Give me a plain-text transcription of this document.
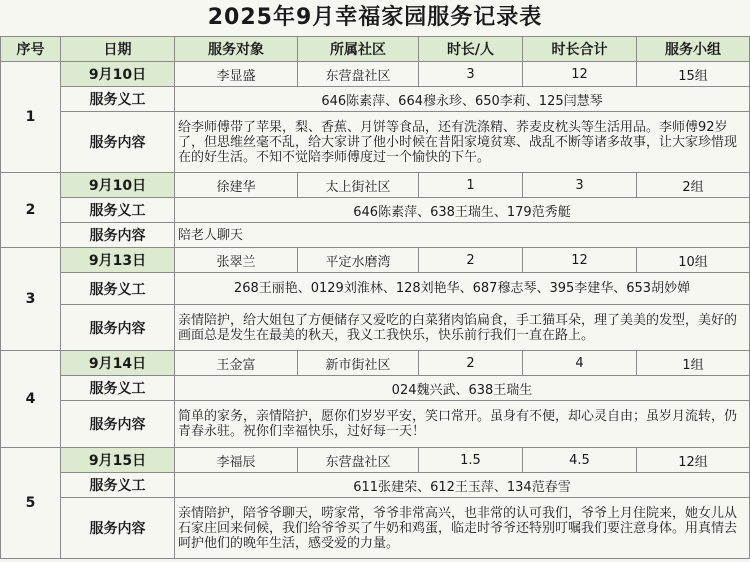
2025年9月幸福家园服务记录表
序号	日期	服务对象	所属社区	时长/人	时长合计	服务小组
1	9月10日	李显盛	东营盘社区	3	12	15组
	服务义工	646陈素萍、664穆永珍、650李莉、125闫慧琴				
	服务内容	给李师傅带了苹果，梨、香蕉、月饼等食品，还有洗涤精、荞麦皮枕头等生活用品。李师傅92岁了，但思维丝毫不乱，给大家讲了他小时候在昔阳家境贫寒、战乱不断等诸多故事，让大家珍惜现在的好生活。不知不觉陪李师傅度过一个愉快的下午。				
2	9月10日	徐建华	太上街社区	1	3	2组
	服务义工	646陈素萍、638王瑞生、179范秀艇				
	服务内容	陪老人聊天				
3	9月13日	张翠兰	平定水磨湾	2	12	10组
	服务义工	268王丽艳、0129刘淮林、128刘艳华、687穆志琴、395李建华、653胡妙婵				
	服务内容	亲情陪护，给大姐包了方便储存又爱吃的白菜猪肉馅扁食，手工猫耳朵，理了美美的发型，美好的画面总是发生在最美的秋天，我义工我快乐，快乐前行我们一直在路上。				
4	9月14日	王金富	新市街社区	2	4	1组
	服务义工	024魏兴武、638王瑞生				
	服务内容	简单的家务，亲情陪护，愿你们岁岁平安，笑口常开。虽身有不便，却心灵自由；虽岁月流转，仍青春永驻。祝你们幸福快乐，过好每一天！				
5	9月15日	李福辰	东营盘社区	1.5	4.5	12组
	服务义工	611张建荣、612王玉萍、134范春雪				
	服务内容	亲情陪护，陪爷爷聊天，唠家常，爷爷非常高兴，也非常的认可我们，爷爷上月住院来，她女儿从石家庄回来伺候，我们给爷爷买了牛奶和鸡蛋，临走时爷爷还特别叮嘱我们要注意身体。用真情去呵护他们的晚年生活，感受爱的力量。				
